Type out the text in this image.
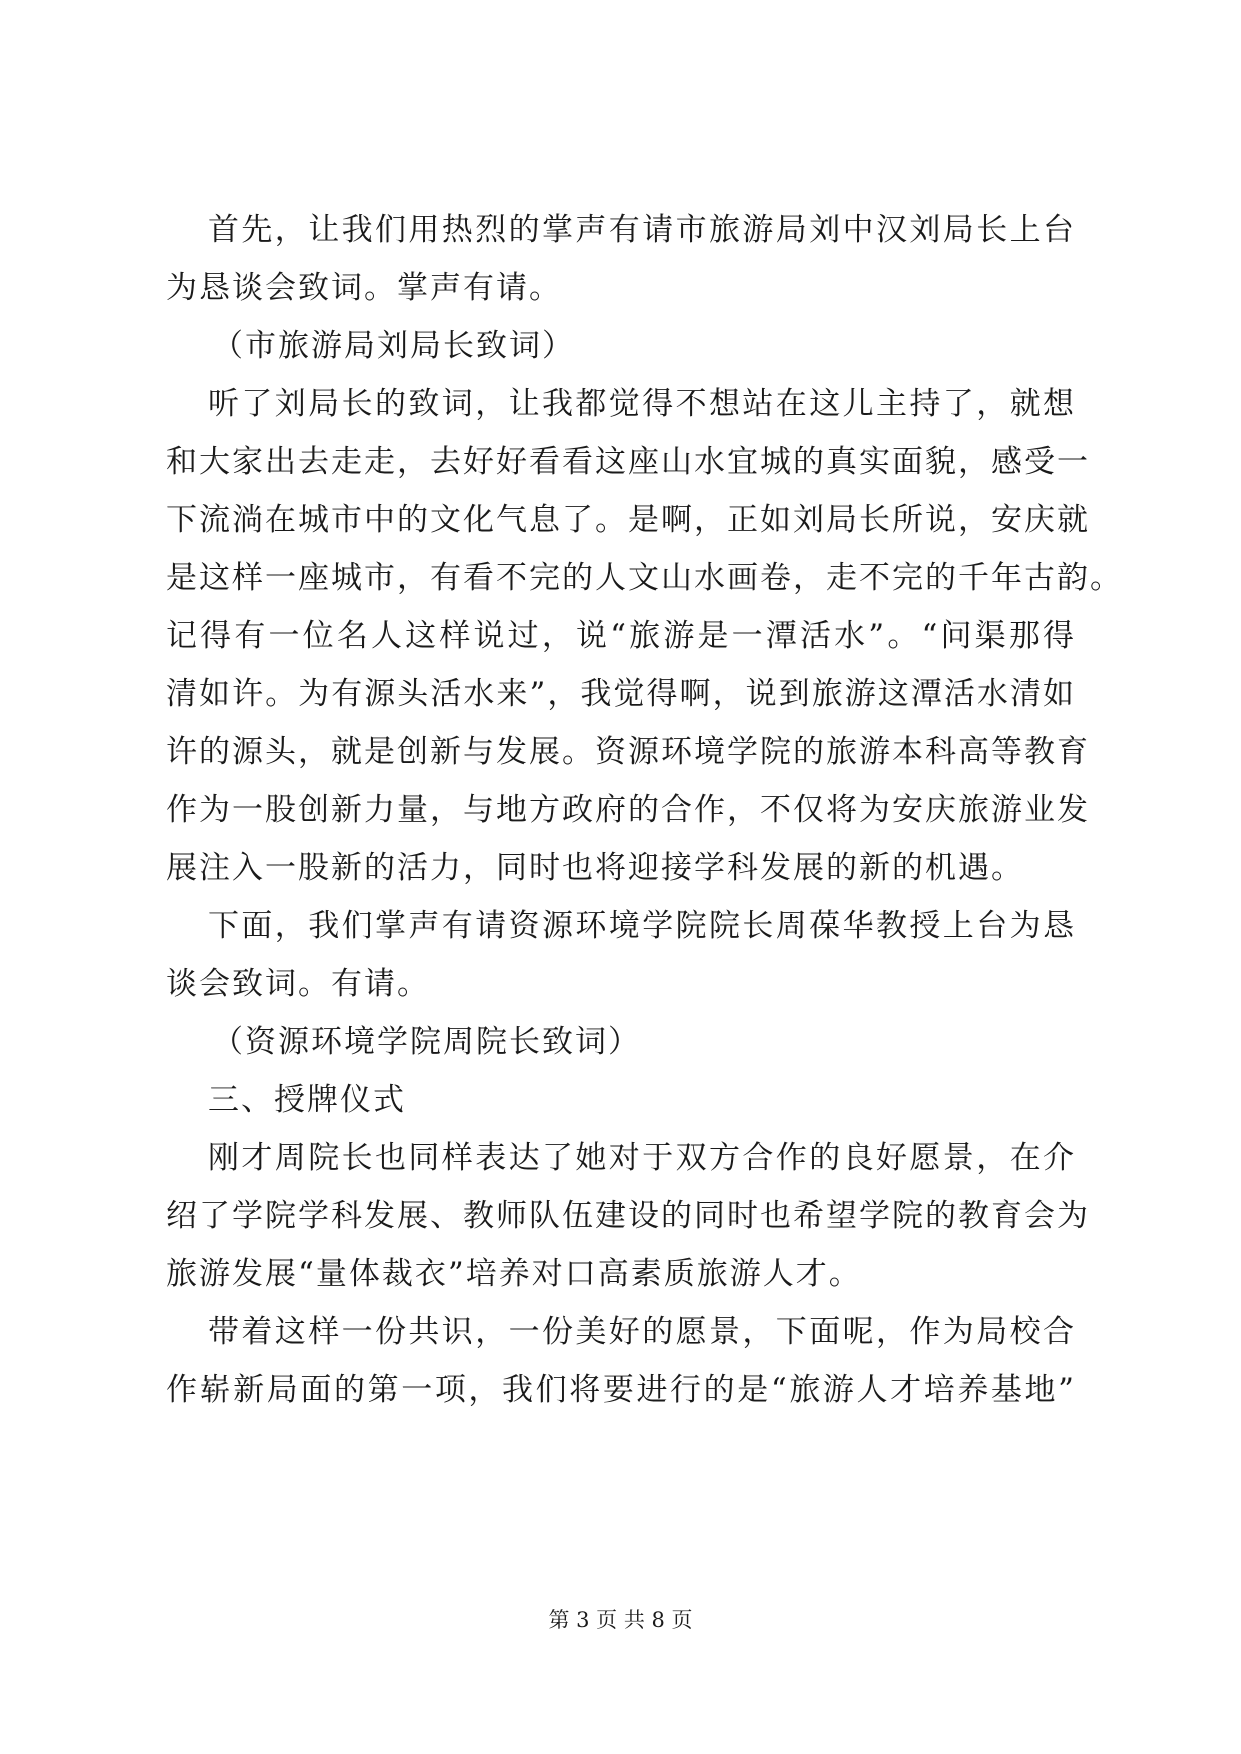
首先，让我们用热烈的掌声有请市旅游局刘中汉刘局长上台
为恳谈会致词。掌声有请。
（市旅游局刘局长致词）
听了刘局长的致词，让我都觉得不想站在这儿主持了，就想
和大家出去走走，去好好看看这座山水宜城的真实面貌，感受一
下流淌在城市中的文化气息了。是啊，正如刘局长所说，安庆就
是这样一座城市，有看不完的人文山水画卷，走不完的千年古韵。
记得有一位名人这样说过，说“旅游是一潭活水”。“问渠那得
清如许。为有源头活水来”，我觉得啊，说到旅游这潭活水清如
许的源头，就是创新与发展。资源环境学院的旅游本科高等教育
作为一股创新力量，与地方政府的合作，不仅将为安庆旅游业发
展注入一股新的活力，同时也将迎接学科发展的新的机遇。
下面，我们掌声有请资源环境学院院长周葆华教授上台为恳
谈会致词。有请。
（资源环境学院周院长致词）
三、授牌仪式
刚才周院长也同样表达了她对于双方合作的良好愿景，在介
绍了学院学科发展、教师队伍建设的同时也希望学院的教育会为
旅游发展“量体裁衣”培养对口高素质旅游人才。
带着这样一份共识，一份美好的愿景，下面呢，作为局校合
作崭新局面的第一项，我们将要进行的是“旅游人才培养基地”
第 3 页 共 8 页
